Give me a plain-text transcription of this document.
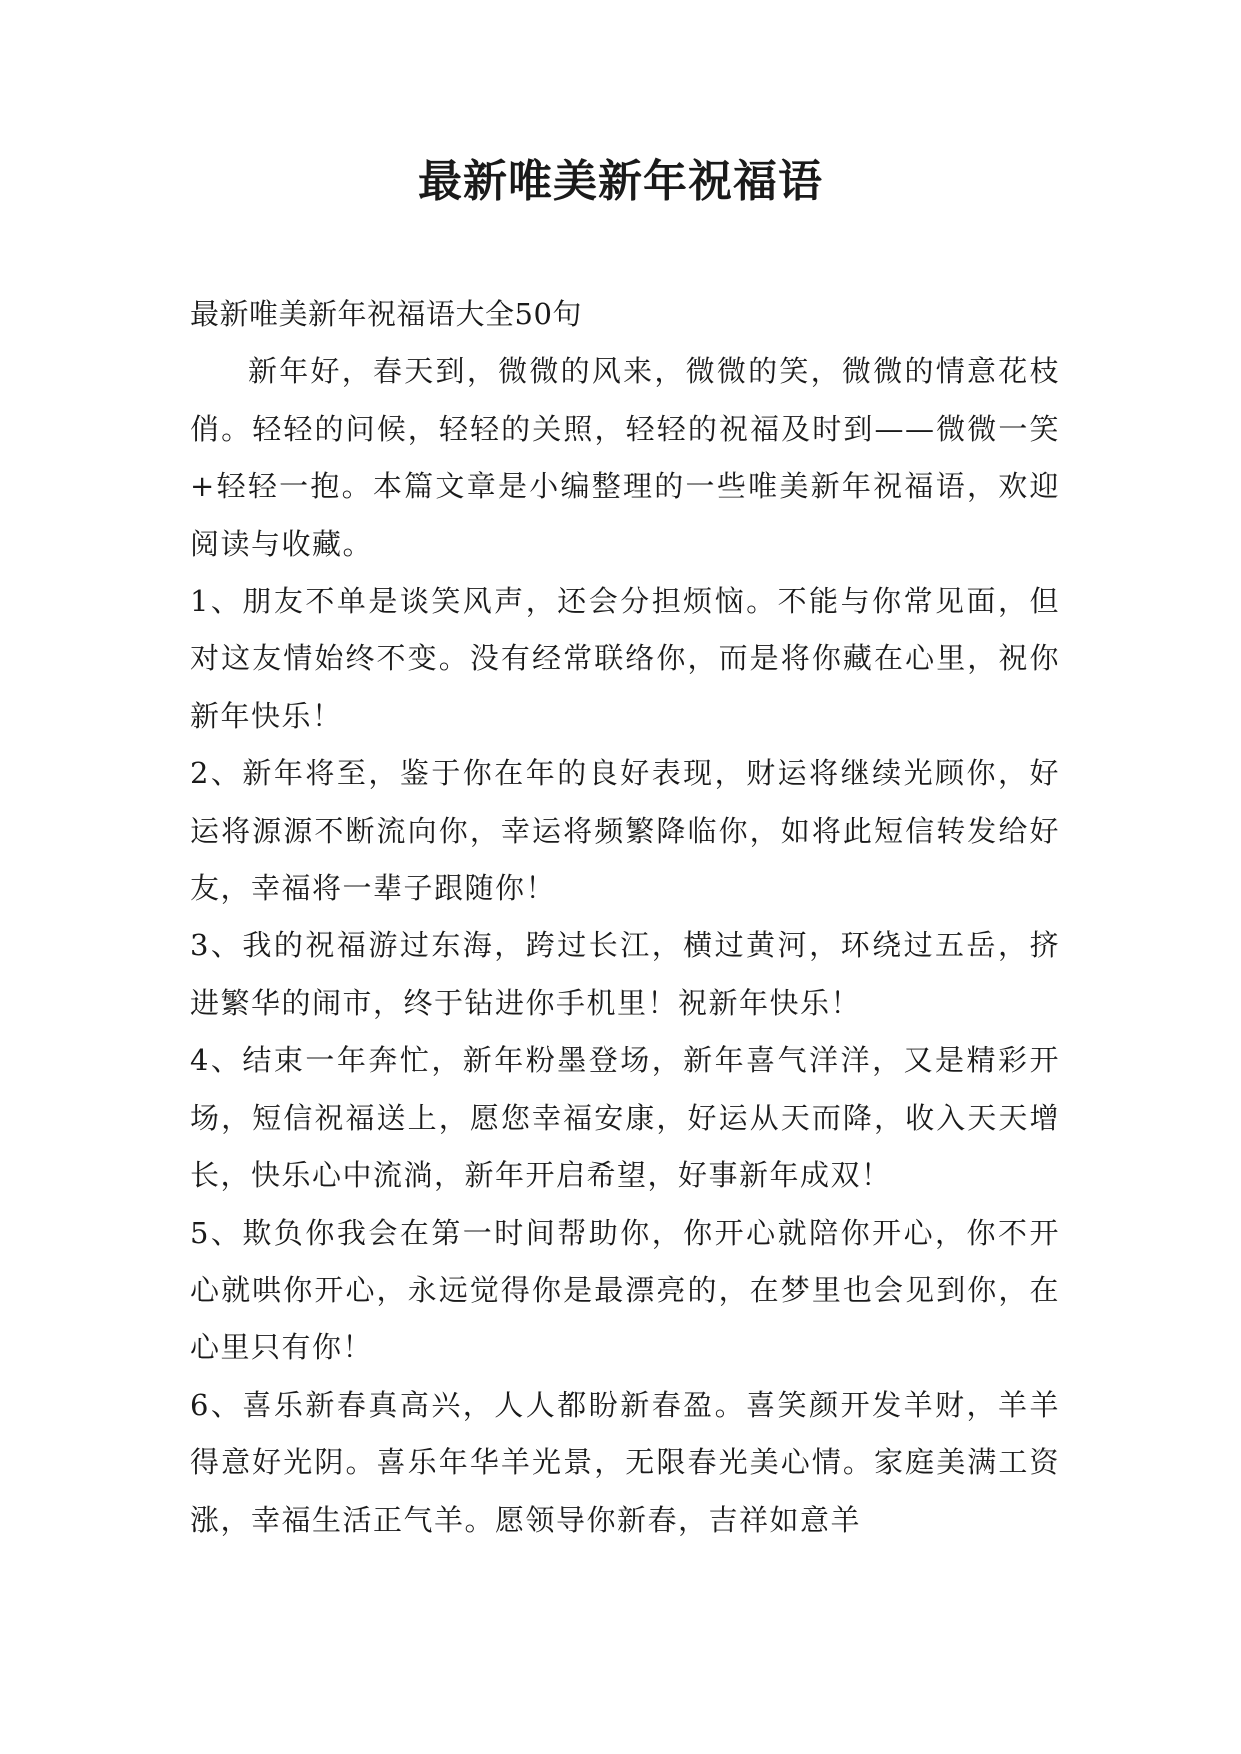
最新唯美新年祝福语

最新唯美新年祝福语大全50句

新年好，春天到，微微的风来，微微的笑，微微的情意花枝俏。轻轻的问候，轻轻的关照，轻轻的祝福及时到——微微一笑+轻轻一抱。本篇文章是小编整理的一些唯美新年祝福语，欢迎阅读与收藏。

1、朋友不单是谈笑风声，还会分担烦恼。不能与你常见面，但对这友情始终不变。没有经常联络你，而是将你藏在心里，祝你新年快乐！

2、新年将至，鉴于你在年的良好表现，财运将继续光顾你，好运将源源不断流向你，幸运将频繁降临你，如将此短信转发给好友，幸福将一辈子跟随你！

3、我的祝福游过东海，跨过长江，横过黄河，环绕过五岳，挤进繁华的闹市，终于钻进你手机里！祝新年快乐！

4、结束一年奔忙，新年粉墨登场，新年喜气洋洋，又是精彩开场，短信祝福送上，愿您幸福安康，好运从天而降，收入天天增长，快乐心中流淌，新年开启希望，好事新年成双！

5、欺负你我会在第一时间帮助你，你开心就陪你开心，你不开心就哄你开心，永远觉得你是最漂亮的，在梦里也会见到你，在心里只有你！

6、喜乐新春真高兴，人人都盼新春盈。喜笑颜开发羊财，羊羊得意好光阴。喜乐年华羊光景，无限春光美心情。家庭美满工资涨，幸福生活正气羊。愿领导你新春，吉祥如意羊
